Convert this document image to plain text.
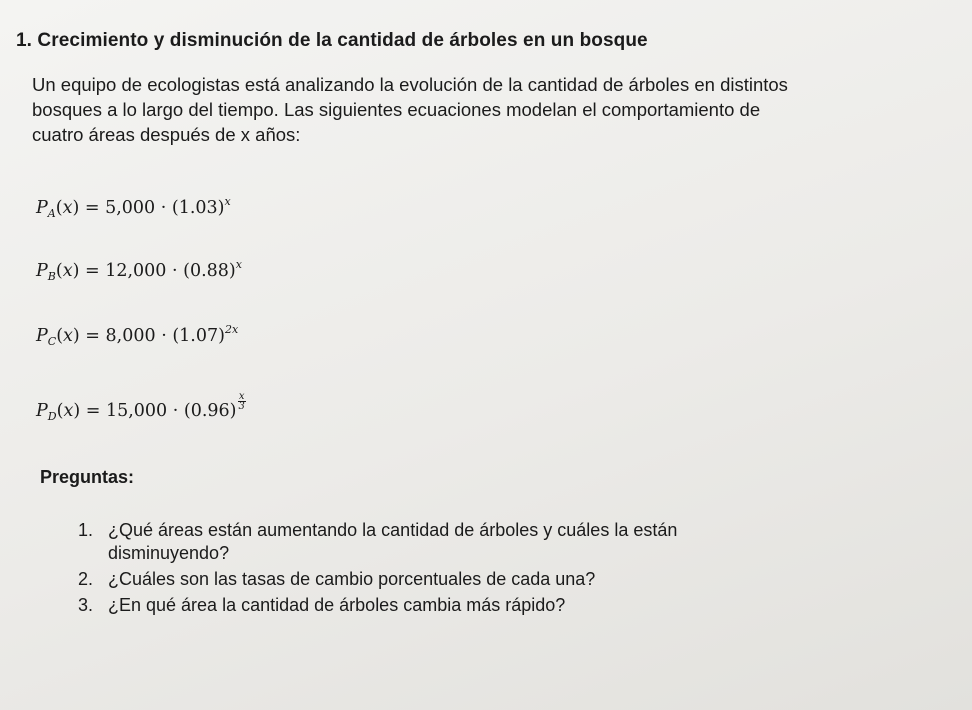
1. Crecimiento y disminución de la cantidad de árboles en un bosque

Un equipo de ecologistas está analizando la evolución de la cantidad de árboles en distintos
bosques a lo largo del tiempo. Las siguientes ecuaciones modelan el comportamiento de
cuatro áreas después de x años:

$P_A(x) = 5,000 \cdot (1.03)^x$
$P_B(x) = 12,000 \cdot (0.88)^x$
$P_C(x) = 8,000 \cdot (1.07)^{2x}$
$P_D(x) = 15,000 \cdot (0.96) \frac{x}{3}$
Preguntas:
1. ¿Qué áreas están aumentando la cantidad de árboles y cuáles la están
disminuyendo?
2. ¿Cuáles son las tasas de cambio porcentuales de cada una?
3. ¿En qué área la cantidad de árboles cambia más rápido?
